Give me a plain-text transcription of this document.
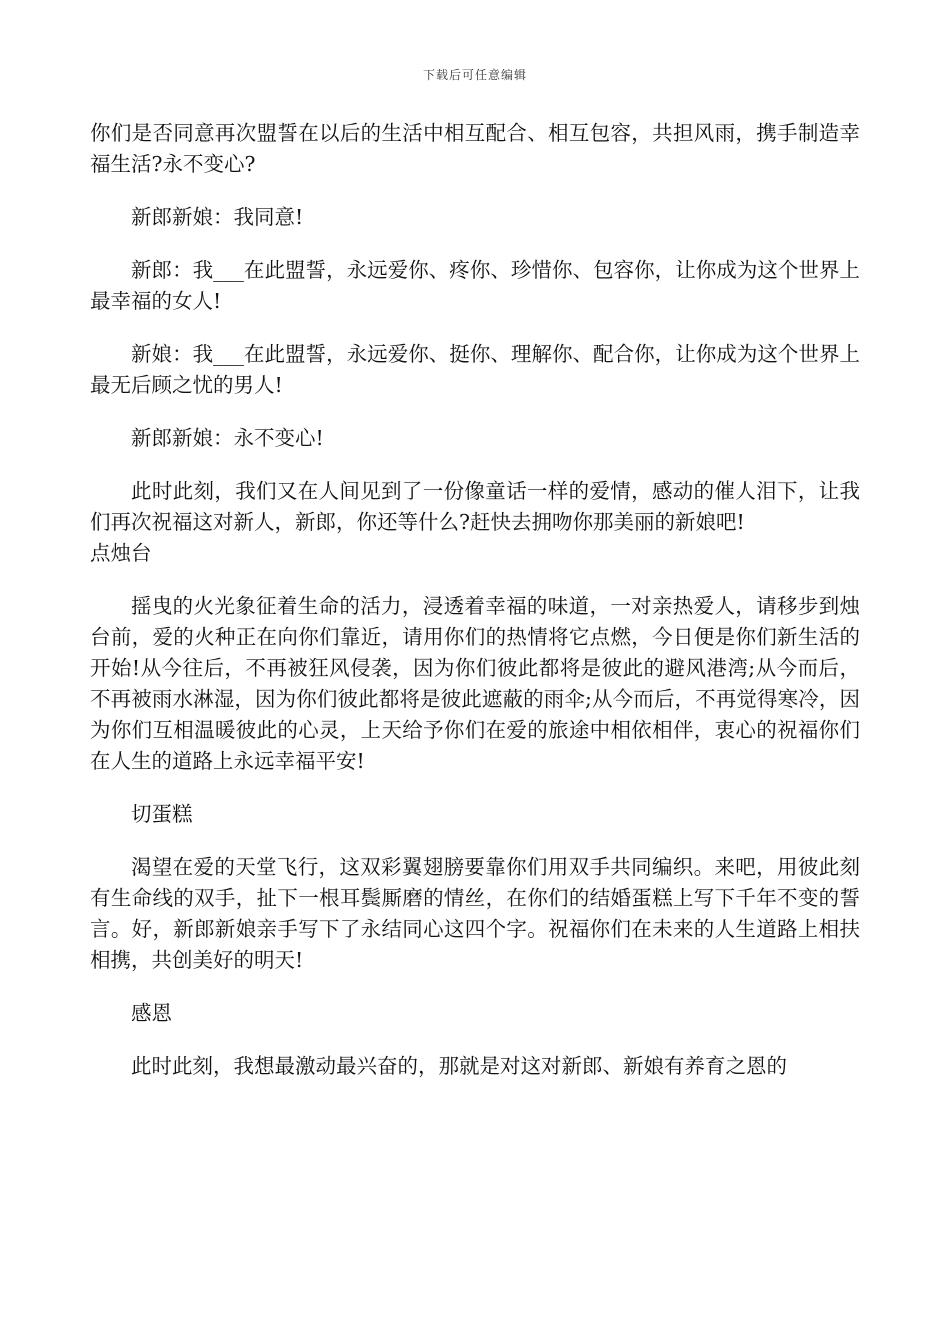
下载后可任意编辑

你们是否同意再次盟誓在以后的生活中相互配合、相互包容，共担风雨，携手制造幸福生活?永不变心?

新郎新娘：我同意!

新郎：我___在此盟誓，永远爱你、疼你、珍惜你、包容你，让你成为这个世界上最幸福的女人!

新娘：我___在此盟誓，永远爱你、挺你、理解你、配合你，让你成为这个世界上最无后顾之忧的男人!

新郎新娘：永不变心!

此时此刻，我们又在人间见到了一份像童话一样的爱情，感动的催人泪下，让我们再次祝福这对新人，新郎，你还等什么?赶快去拥吻你那美丽的新娘吧!

点烛台

摇曳的火光象征着生命的活力，浸透着幸福的味道，一对亲热爱人，请移步到烛台前，爱的火种正在向你们靠近，请用你们的热情将它点燃，今日便是你们新生活的开始!从今往后，不再被狂风侵袭，因为你们彼此都将是彼此的避风港湾;从今而后，不再被雨水淋湿，因为你们彼此都将是彼此遮蔽的雨伞;从今而后，不再觉得寒冷，因为你们互相温暖彼此的心灵，上天给予你们在爱的旅途中相依相伴，衷心的祝福你们在人生的道路上永远幸福平安!

切蛋糕

渴望在爱的天堂飞行，这双彩翼翅膀要靠你们用双手共同编织。来吧，用彼此刻有生命线的双手，扯下一根耳鬓厮磨的情丝，在你们的结婚蛋糕上写下千年不变的誓言。好，新郎新娘亲手写下了永结同心这四个字。祝福你们在未来的人生道路上相扶相携，共创美好的明天!

感恩

此时此刻，我想最激动最兴奋的，那就是对这对新郎、新娘有养育之恩的
